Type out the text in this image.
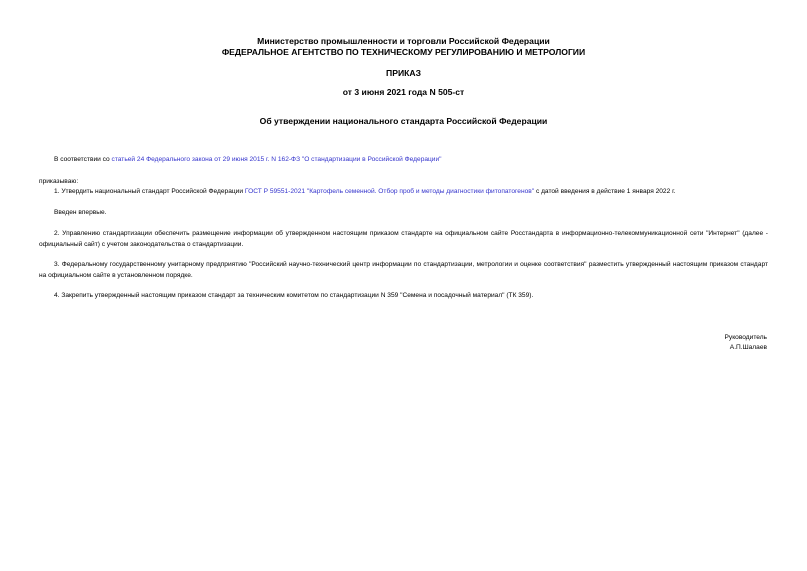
Министерство промышленности и торговли Российской Федерации
ФЕДЕРАЛЬНОЕ АГЕНТСТВО ПО ТЕХНИЧЕСКОМУ РЕГУЛИРОВАНИЮ И МЕТРОЛОГИИ
ПРИКАЗ
от 3 июня 2021 года N 505-ст
Об утверждении национального стандарта Российской Федерации
В соответствии со статьей 24 Федерального закона от 29 июня 2015 г. N 162-ФЗ "О стандартизации в Российской Федерации"
приказываю:
1. Утвердить национальный стандарт Российской Федерации ГОСТ Р 59551-2021 "Картофель семенной. Отбор проб и методы диагностики фитопатогенов" с датой введения в действие 1 января 2022 г.
Введен впервые.
2. Управлению стандартизации обеспечить размещение информации об утвержденном настоящим приказом стандарте на официальном сайте Росстандарта в информационно-телекоммуникационной сети "Интернет" (далее - официальный сайт) с учетом законодательства о стандартизации.
3. Федеральному государственному унитарному предприятию "Российский научно-технический центр информации по стандартизации, метрологии и оценке соответствия" разместить утвержденный настоящим приказом стандарт на официальном сайте в установленном порядке.
4. Закрепить утвержденный настоящим приказом стандарт за техническим комитетом по стандартизации N 359 "Семена и посадочный материал" (ТК 359).
Руководитель
А.П.Шалаев
